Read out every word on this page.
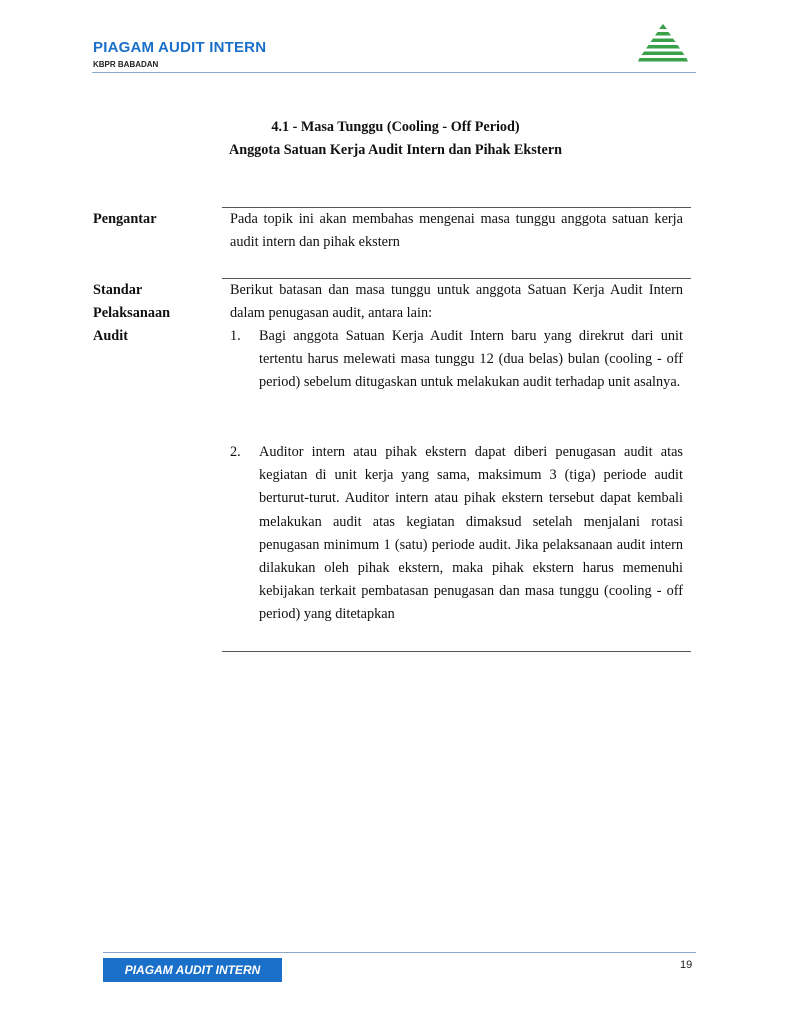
PIAGAM AUDIT INTERN
KBPR BABADAN
4.1 - Masa Tunggu (Cooling - Off Period)
Anggota Satuan Kerja Audit Intern dan Pihak Ekstern
Pengantar	Pada topik ini akan membahas mengenai masa tunggu anggota satuan kerja audit intern dan pihak ekstern
Standar
Pelaksanaan
Audit
Berikut batasan dan masa tunggu untuk anggota Satuan Kerja Audit Intern dalam penugasan audit, antara lain:
1. Bagi anggota Satuan Kerja Audit Intern baru yang direkrut dari unit tertentu harus melewati masa tunggu 12 (dua belas) bulan (cooling - off period) sebelum ditugaskan untuk melakukan audit terhadap unit asalnya.
2. Auditor intern atau pihak ekstern dapat diberi penugasan audit atas kegiatan di unit kerja yang sama, maksimum 3 (tiga) periode audit berturut-turut. Auditor intern atau pihak ekstern tersebut dapat kembali melakukan audit atas kegiatan dimaksud setelah menjalani rotasi penugasan minimum 1 (satu) periode audit. Jika pelaksanaan audit intern dilakukan oleh pihak ekstern, maka pihak ekstern harus memenuhi kebijakan terkait pembatasan penugasan dan masa tunggu (cooling - off period) yang ditetapkan
PIAGAM AUDIT INTERN	19
